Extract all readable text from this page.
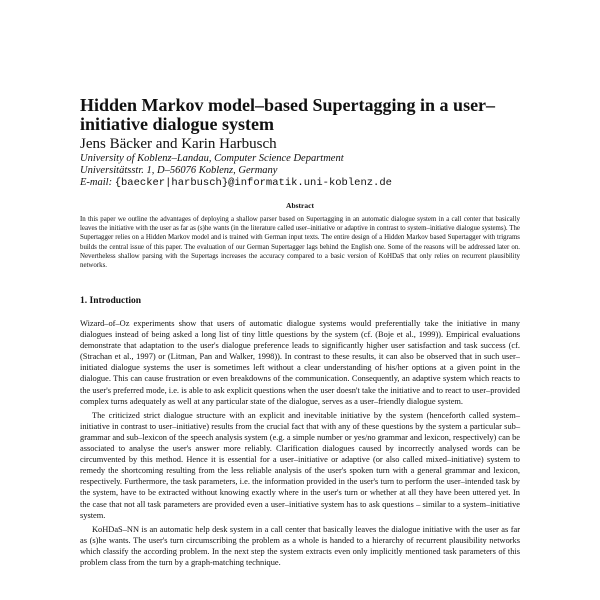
Hidden Markov model–based Supertagging in a user–initiative dialogue system
Jens Bäcker and Karin Harbusch
University of Koblenz–Landau, Computer Science Department
Universitätsstr. 1, D–56076 Koblenz, Germany
E-mail: {baecker|harbusch}@informatik.uni-koblenz.de
Abstract

In this paper we outline the advantages of deploying a shallow parser based on Supertagging in an automatic dialogue system in a call center that basically leaves the initiative with the user as far as (s)he wants (in the literature called user–initiative or adaptive in contrast to system–initiative dialogue systems). The Supertagger relies on a Hidden Markov model and is trained with German input texts. The entire design of a Hidden Markov based Supertagger with trigrams builds the central issue of this paper. The evaluation of our German Supertagger lags behind the English one. Some of the reasons will be addressed later on. Nevertheless shallow parsing with the Supertags increases the accuracy compared to a basic version of KoHDaS that only relies on recurrent plausibility networks.

1. Introduction

Wizard–of–Oz experiments show that users of automatic dialogue systems would preferentially take the initiative in many dialogues instead of being asked a long list of tiny little questions by the system (cf. (Boje et al., 1999)). Empirical evaluations demonstrate that adaptation to the user's dialogue preference leads to significantly higher user satisfaction and task success (cf. (Strachan et al., 1997) or (Litman, Pan and Walker, 1998)). In contrast to these results, it can also be observed that in such user–initiated dialogue systems the user is sometimes left without a clear understanding of his/her options at a given point in the dialogue. This can cause frustration or even breakdowns of the communication. Consequently, an adaptive system which reacts to the user's preferred mode, i.e. is able to ask explicit questions when the user doesn't take the initiative and to react to user–provided complex turns adequately as well at any particular state of the dialogue, serves as a user–friendly dialogue system.

The criticized strict dialogue structure with an explicit and inevitable initiative by the system (henceforth called system–initiative in contrast to user–initiative) results from the crucial fact that with any of these questions by the system a particular sub–grammar and sub–lexicon of the speech analysis system (e.g. a simple number or yes/no grammar and lexicon, respectively) can be associated to analyse the user's answer more reliably. Clarification dialogues caused by incorrectly analysed words can be circumvented by this method. Hence it is essential for a user–initiative or adaptive (or also called mixed–initiative) system to remedy the shortcoming resulting from the less reliable analysis of the user's spoken turn with a general grammar and lexicon, respectively. Furthermore, the task parameters, i.e. the information provided in the user's turn to perform the user–intended task by the system, have to be extracted without knowing exactly where in the user's turn or whether at all they have been uttered yet. In the case that not all task parameters are provided even a user–initiative system has to ask questions – similar to a system–initiative system.

KoHDaS–NN is an automatic help desk system in a call center that basically leaves the dialogue initiative with the user as far as (s)he wants. The user's turn circumscribing the problem as a whole is handed to a hierarchy of recurrent plausibility networks which classify the according problem. In the next step the system extracts even only implicitly mentioned task parameters of this problem class from the turn by a graph-matching technique.
